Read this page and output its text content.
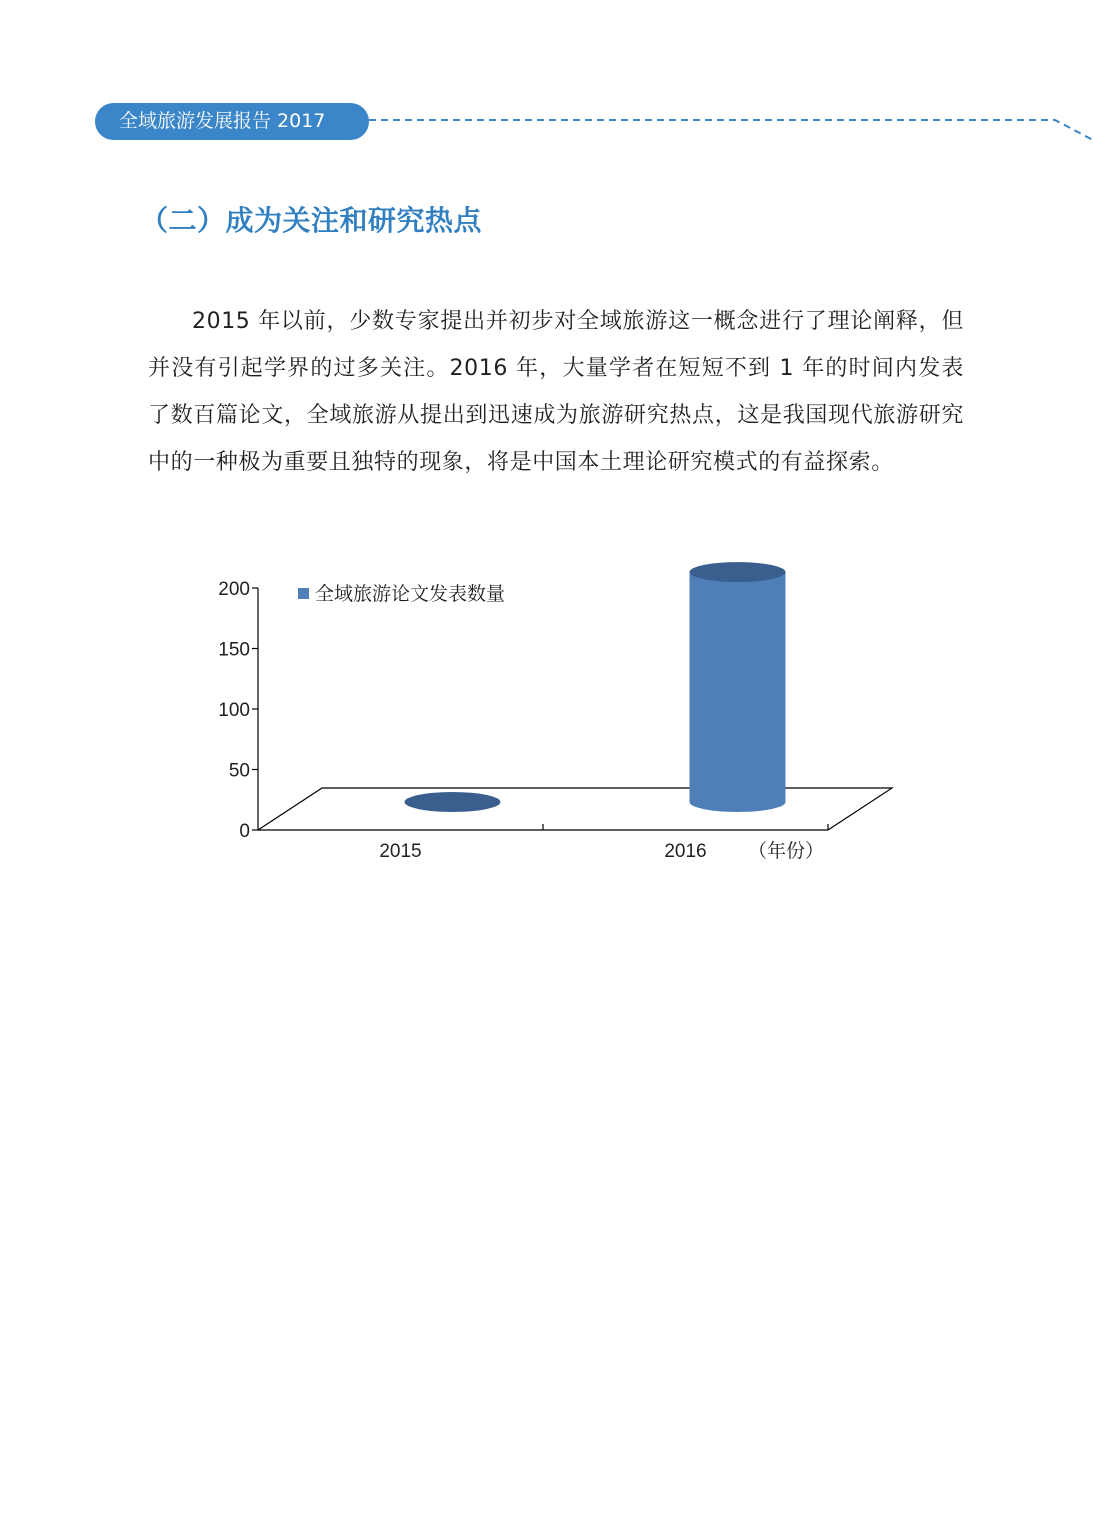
全域旅游发展报告 2017
（二）成为关注和研究热点

2015 年以前，少数专家提出并初步对全域旅游这一概念进行了理论阐释，但并没有引起学界的过多关注。2016 年，大量学者在短短不到 1 年的时间内发表了数百篇论文，全域旅游从提出到迅速成为旅游研究热点，这是我国现代旅游研究中的一种极为重要且独特的现象，将是中国本土理论研究模式的有益探索。

0
50
100
150
200
2015	2016
全域旅游论文发表数量
（年份）
